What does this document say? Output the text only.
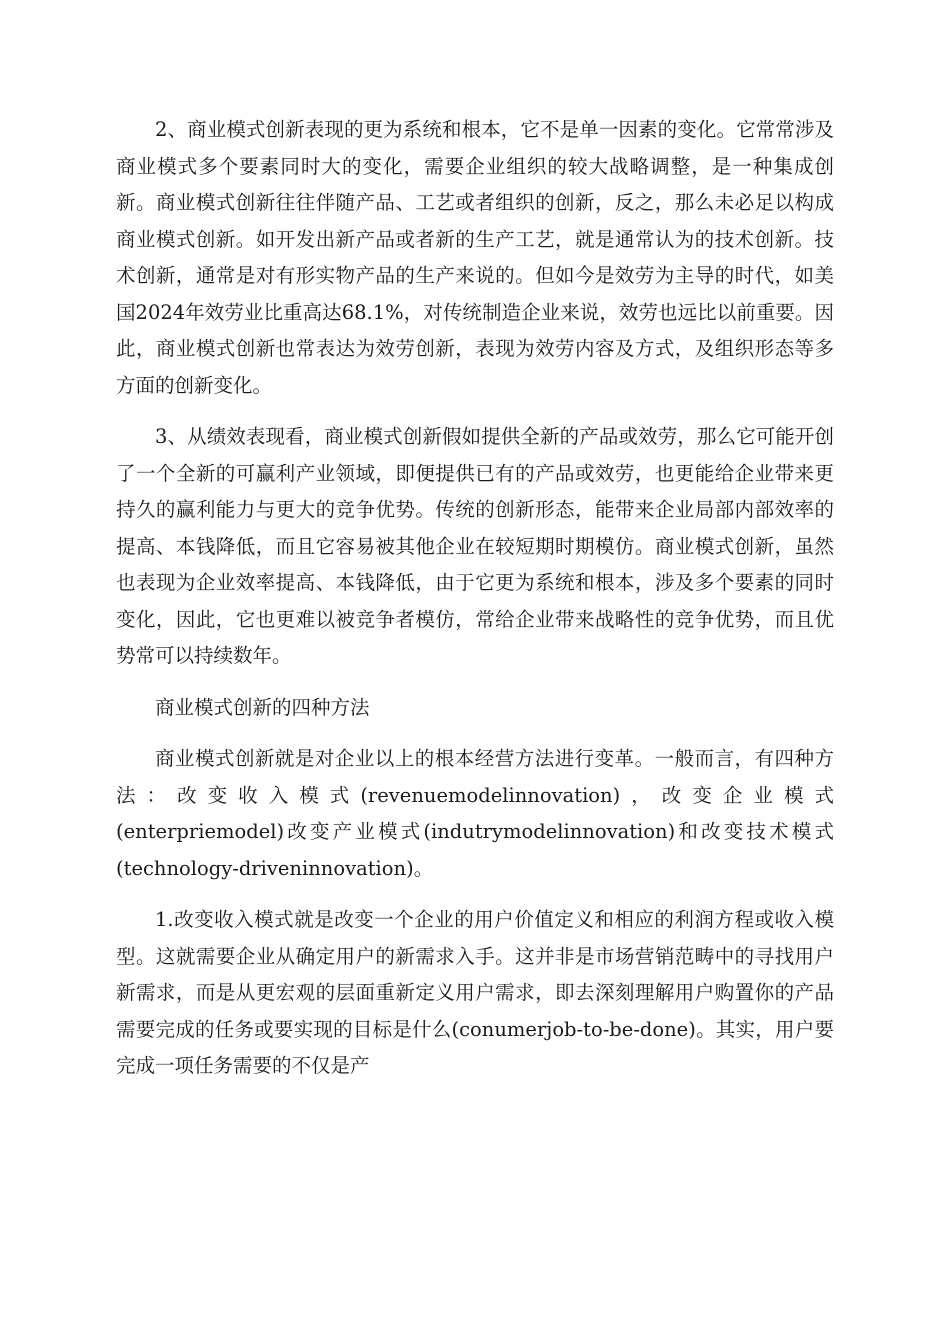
2、商业模式创新表现的更为系统和根本，它不是单一因素的变化。它常常涉及商业模式多个要素同时大的变化，需要企业组织的较大战略调整，是一种集成创新。商业模式创新往往伴随产品、工艺或者组织的创新，反之，那么未必足以构成商业模式创新。如开发出新产品或者新的生产工艺，就是通常认为的技术创新。技术创新，通常是对有形实物产品的生产来说的。但如今是效劳为主导的时代，如美国2024年效劳业比重高达68.1%，对传统制造企业来说，效劳也远比以前重要。因此，商业模式创新也常表达为效劳创新，表现为效劳内容及方式，及组织形态等多方面的创新变化。

3、从绩效表现看，商业模式创新假如提供全新的产品或效劳，那么它可能开创了一个全新的可赢利产业领域，即便提供已有的产品或效劳，也更能给企业带来更持久的赢利能力与更大的竞争优势。传统的创新形态，能带来企业局部内部效率的提高、本钱降低，而且它容易被其他企业在较短期时期模仿。商业模式创新，虽然也表现为企业效率提高、本钱降低，由于它更为系统和根本，涉及多个要素的同时变化，因此，它也更难以被竞争者模仿，常给企业带来战略性的竞争优势，而且优势常可以持续数年。

商业模式创新的四种方法

商业模式创新就是对企业以上的根本经营方法进行变革。一般而言，有四种方法：改变收入模式(revenuemodelinnovation)，改变企业模式(enterpriemodel)改变产业模式(indutrymodelinnovation)和改变技术模式(technology-driveninnovation)。

1.改变收入模式就是改变一个企业的用户价值定义和相应的利润方程或收入模型。这就需要企业从确定用户的新需求入手。这并非是市场营销范畴中的寻找用户新需求，而是从更宏观的层面重新定义用户需求，即去深刻理解用户购置你的产品需要完成的任务或要实现的目标是什么(conumerjob-to-be-done)。其实，用户要完成一项任务需要的不仅是产
